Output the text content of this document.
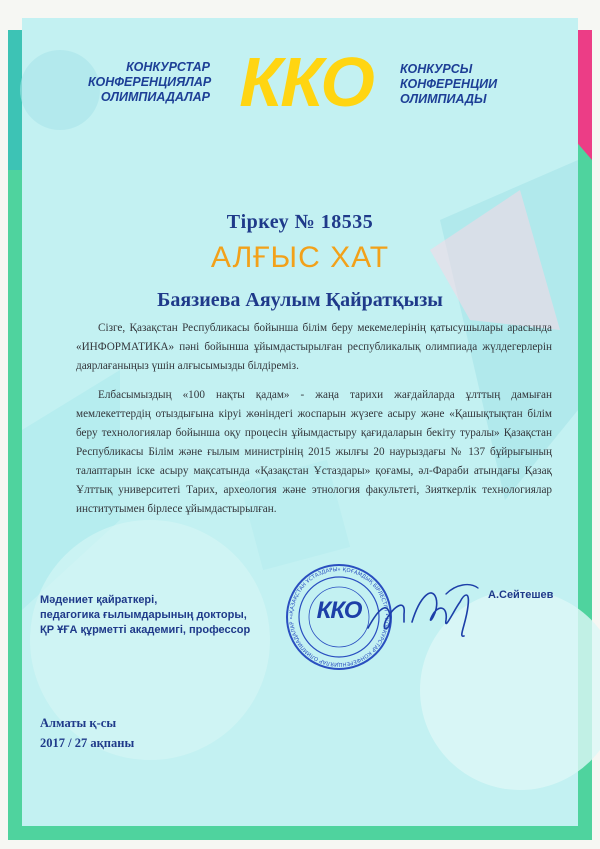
КОНКУРСТАР
КОНФЕРЕНЦИЯЛАР
ОЛИМПИАДАЛАР ККО	КОНКУРСЫ
КОНФЕРЕНЦИИ
ОЛИМПИАДЫ
Тіркеу № 18535
АЛҒЫС ХАТ
Баязиева Аяулым Қайратқызы

Сізге, Қазақстан Республикасы бойынша білім беру мекемелерінің қатысушылары арасында «ИНФОРМАТИКА» пәні бойынша ұйымдастырылған республикалық олимпиада жүлдегерлерін даярлағаныңыз үшін алғысымызды білдіреміз.

Елбасымыздың «100 нақты қадам» - жаңа тарихи жағдайларда ұлттың дамыған мемлекеттердің отыздығына кіруі жөніндегі жоспарын жүзеге асыру және «Қашықтықтан білім беру технологиялар бойынша оқу процесін ұйымдастыру қағидаларын бекіту туралы» Қазақстан Республикасы Білім және ғылым министрінің 2015 жылғы 20 наурыздағы № 137 бұйрығының талаптарын іске асыру мақсатында «Қазақстан Ұстаздары» қоғамы, әл-Фараби атындағы Қазақ Ұлттық университеті Тарих, археология және этнология факультеті, Зияткерлік технологиялар институтымен бірлесе ұйымдастырылған.

Мәдениет қайраткері,
педагогика ғылымдарының докторы,
ҚР ҰҒА құрметті академигі, профессор
«ҚАЗАҚСТАН ҰСТАЗДАРЫ» ҚОҒАМДЫҚ БІРЛЕСТІГІ • КОНКУРСТАР КОНФЕРЕНЦИЯЛАР ОЛИМПИАДАЛАР • ККО
А.Сейтешев
Алматы қ-сы
2017 / 27 ақпаны
